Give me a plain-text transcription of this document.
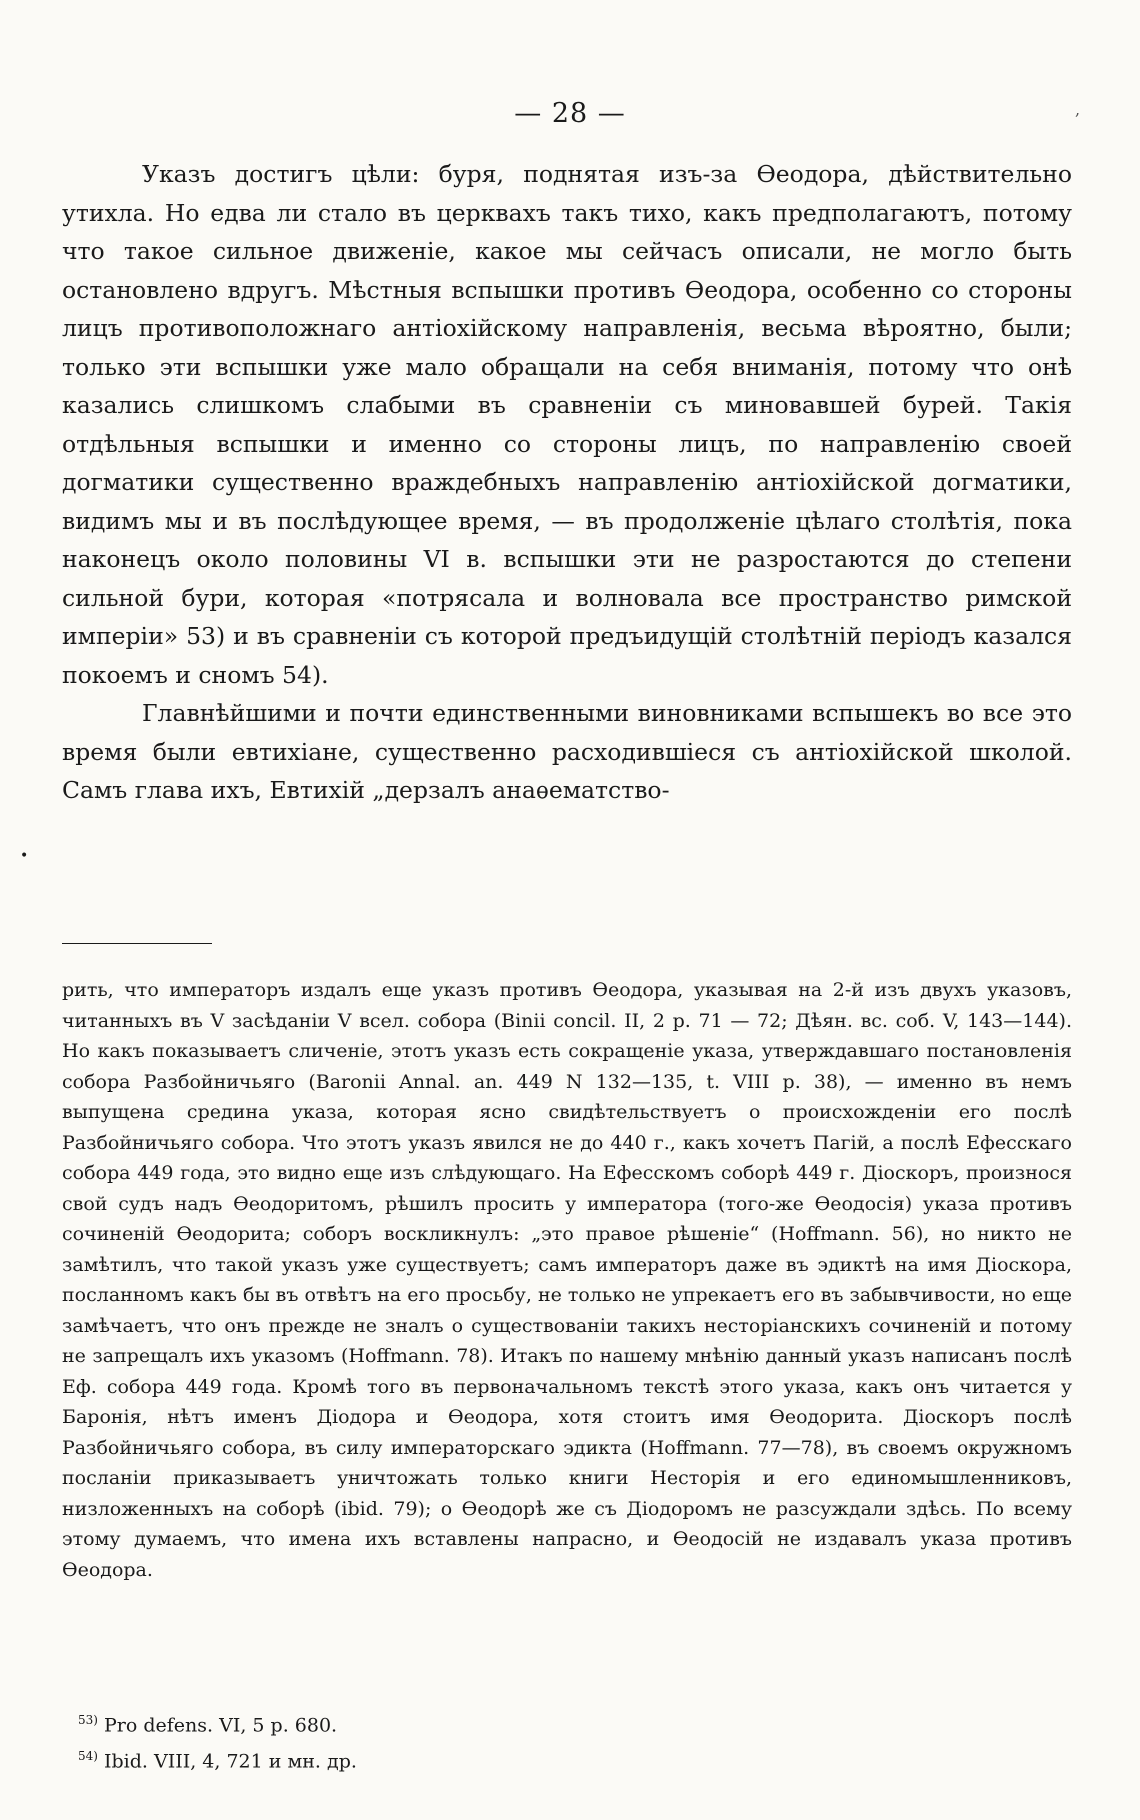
,
— 28 —

Указъ достигъ цѣли: буря, поднятая изъ-за Ѳеодора, дѣйствительно утихла. Но едва ли стало въ церквахъ такъ тихо, какъ предполагаютъ, потому что такое сильное движеніе, какое мы сейчасъ описали, не могло быть остановлено вдругъ. Мѣстныя вспышки противъ Ѳеодора, особенно со стороны лицъ противоположнаго антіохійскому направленія, весьма вѣроятно, были; только эти вспышки уже мало обращали на себя вниманія, потому что онѣ казались слишкомъ слабыми въ сравненіи съ миновавшей бурей. Такія отдѣльныя вспышки и именно со стороны лицъ, по направленію своей догматики существенно враждебныхъ направленію антіохійской догматики, видимъ мы и въ послѣдующее время, — въ продолженіе цѣлаго столѣтія, пока наконецъ около половины VI в. вспышки эти не разростаются до степени сильной бури, которая «потрясала и волновала все пространство римской имперіи» 53) и въ сравненіи съ которой предъидущій столѣтній періодъ казался покоемъ и сномъ 54).

Главнѣйшими и почти единственными виновниками вспышекъ во все это время были евтихіане, существенно расходившіеся съ антіохійской школой. Самъ глава ихъ, Евтихій „дерзалъ анаѳематство-

•

рить, что императоръ издалъ еще указъ противъ Ѳеодора, указывая на 2-й изъ двухъ указовъ, читанныхъ въ V засѣданіи V всел. собора (Binii concil. II, 2 p. 71 — 72; Дѣян. вс. соб. V, 143—144). Но какъ показываетъ сличеніе, этотъ указъ есть сокращеніе указа, утверждавшаго постановленія собора Разбойничьяго (Baronii Annal. an. 449 N 132—135, t. VIII p. 38), — именно въ немъ выпущена средина указа, которая ясно свидѣтельствуетъ о происхожденіи его послѣ Разбойничьяго собора. Что этотъ указъ явился не до 440 г., какъ хочетъ Пагій, а послѣ Ефесскаго собора 449 года, это видно еще изъ слѣдующаго. На Ефесскомъ соборѣ 449 г. Діоскоръ, произнося свой судъ надъ Ѳеодоритомъ, рѣшилъ просить у императора (того-же Ѳеодосія) указа противъ сочиненій Ѳеодорита; соборъ воскликнулъ: „это правое рѣшеніе“ (Hoffmann. 56), но никто не замѣтилъ, что такой указъ уже существуетъ; самъ императоръ даже въ эдиктѣ на имя Діоскора, посланномъ какъ бы въ отвѣтъ на его просьбу, не только не упрекаетъ его въ забывчивости, но еще замѣчаетъ, что онъ прежде не зналъ о существованіи такихъ несторіанскихъ сочиненій и потому не запрещалъ ихъ указомъ (Hoffmann. 78). Итакъ по нашему мнѣнію данный указъ написанъ послѣ Еф. собора 449 года. Кромѣ того въ первоначальномъ текстѣ этого указа, какъ онъ читается у Баронія, нѣтъ именъ Діодора и Ѳеодора, хотя стоитъ имя Ѳеодорита. Діоскоръ послѣ Разбойничьяго собора, въ силу императорскаго эдикта (Hoffmann. 77—78), въ своемъ окружномъ посланіи приказываетъ уничтожать только книги Несторія и его единомышленниковъ, низложенныхъ на соборѣ (ibid. 79); о Ѳеодорѣ же съ Діодоромъ не разсуждали здѣсь. По всему этому думаемъ, что имена ихъ вставлены напрасно, и Ѳеодосій не издавалъ указа противъ Ѳеодора.

$^{53)}$ Pro defens. VI, 5 p. 680.

$^{54)}$ Ibid. VIII, 4, 721 и мн. др.
